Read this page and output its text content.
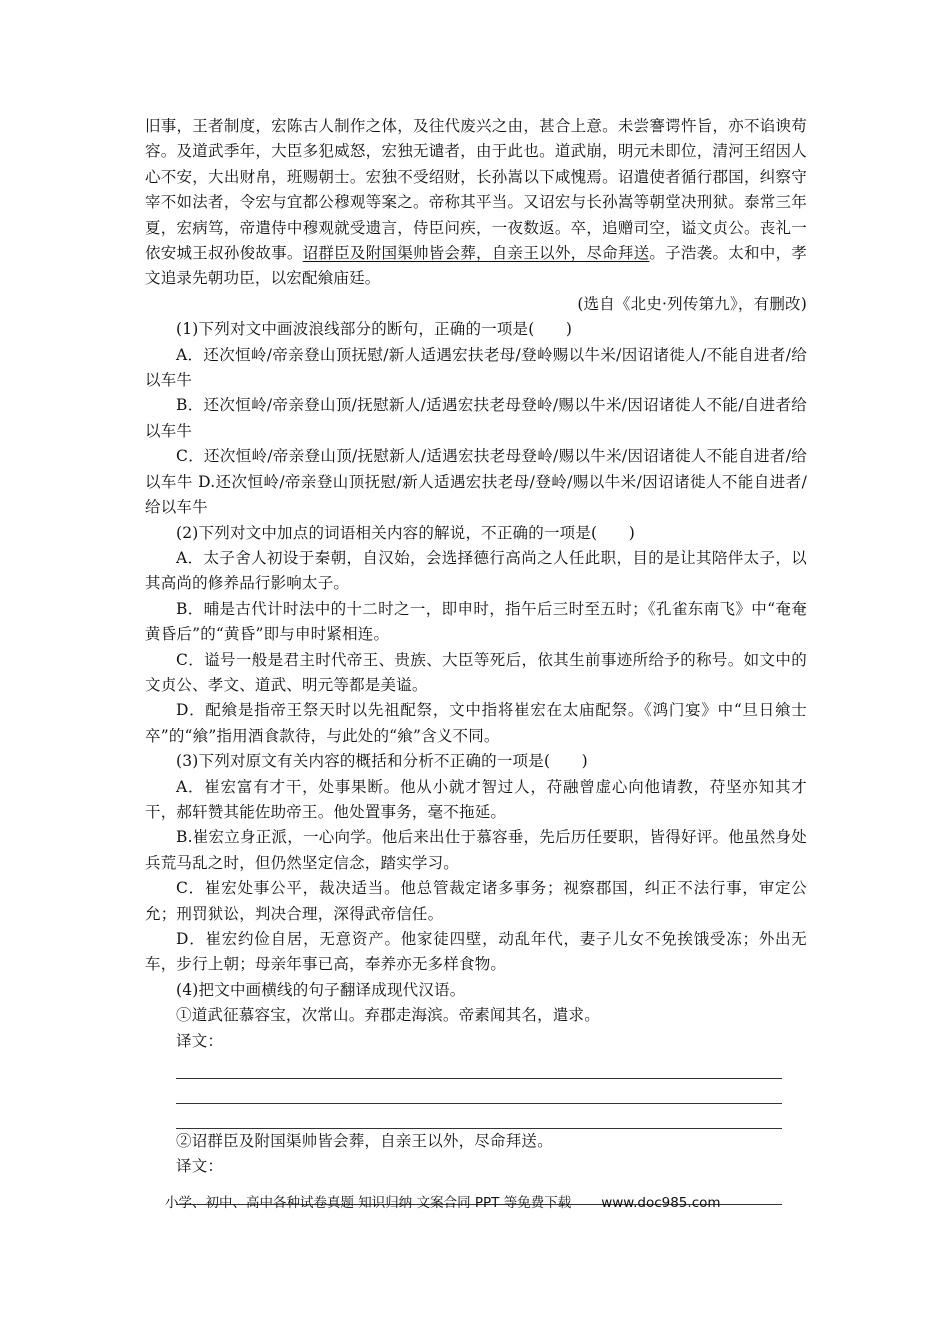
旧事，王者制度，宏陈古人制作之体，及往代废兴之由，甚合上意。未尝謇谔忤旨，亦不谄谀苟容。及道武季年，大臣多犯威怒，宏独无谴者，由于此也。道武崩，明元未即位，清河王绍因人心不安，大出财帛，班赐朝士。宏独不受绍财，长孙嵩以下咸愧焉。诏遣使者循行郡国，纠察守宰不如法者，令宏与宜都公穆观等案之。帝称其平当。又诏宏与长孙嵩等朝堂决刑狱。泰常三年夏，宏病笃，帝遣侍中穆观就受遗言，侍臣问疾，一夜数返。卒，追赠司空，谥文贞公。丧礼一依安城王叔孙俊故事。诏群臣及附国渠帅皆会葬，自亲王以外，尽命拜送。子浩袭。太和中，孝文追录先朝功臣，以宏配飨庙廷。

(选自《北史·列传第九》，有删改)

(1)下列对文中画波浪线部分的断句，正确的一项是(　　)

A．还次恒岭/帝亲登山顶抚慰/新人适遇宏扶老母/登岭赐以牛米/因诏诸徙人/不能自进者/给以车牛

B．还次恒岭/帝亲登山顶/抚慰新人/适遇宏扶老母登岭/赐以牛米/因诏诸徙人不能/自进者给以车牛

C．还次恒岭/帝亲登山顶/抚慰新人/适遇宏扶老母登岭/赐以牛米/因诏诸徙人不能自进者/给以车牛 D.还次恒岭/帝亲登山顶抚慰/新人适遇宏扶老母/登岭/赐以牛米/因诏诸徙人不能自进者/给以车牛

(2)下列对文中加点的词语相关内容的解说，不正确的一项是(　　)

A．太子舍人初设于秦朝，自汉始，会选择德行高尚之人任此职，目的是让其陪伴太子，以其高尚的修养品行影响太子。

B．晡是古代计时法中的十二时之一，即申时，指午后三时至五时；《孔雀东南飞》中“奄奄黄昏后”的“黄昏”即与申时紧相连。

C．谥号一般是君主时代帝王、贵族、大臣等死后，依其生前事迹所给予的称号。如文中的文贞公、孝文、道武、明元等都是美谥。

D．配飨是指帝王祭天时以先祖配祭，文中指将崔宏在太庙配祭。《鸿门宴》中“旦日飨士卒”的“飨”指用酒食款待，与此处的“飨”含义不同。

(3)下列对原文有关内容的概括和分析不正确的一项是(　　)

A．崔宏富有才干，处事果断。他从小就才智过人，苻融曾虚心向他请教，苻坚亦知其才干，郝轩赞其能佐助帝王。他处置事务，毫不拖延。

B.崔宏立身正派，一心向学。他后来出仕于慕容垂，先后历任要职，皆得好评。他虽然身处兵荒马乱之时，但仍然坚定信念，踏实学习。

C．崔宏处事公平，裁决适当。他总管裁定诸多事务；视察郡国，纠正不法行事，审定公允；刑罚狱讼，判决合理，深得武帝信任。

D．崔宏约俭自居，无意资产。他家徒四壁，动乱年代，妻子儿女不免挨饿受冻；外出无车，步行上朝；母亲年事已高，奉养亦无多样食物。

(4)把文中画横线的句子翻译成现代汉语。

①道武征慕容宝，次常山。弃郡走海滨。帝素闻其名，遣求。

译文：

②诏群臣及附国渠帅皆会葬，自亲王以外，尽命拜送。

译文：

小学、初中、高中各种试卷真题 知识归纳 文案合同 PPT 等免费下载 www.doc985.com
